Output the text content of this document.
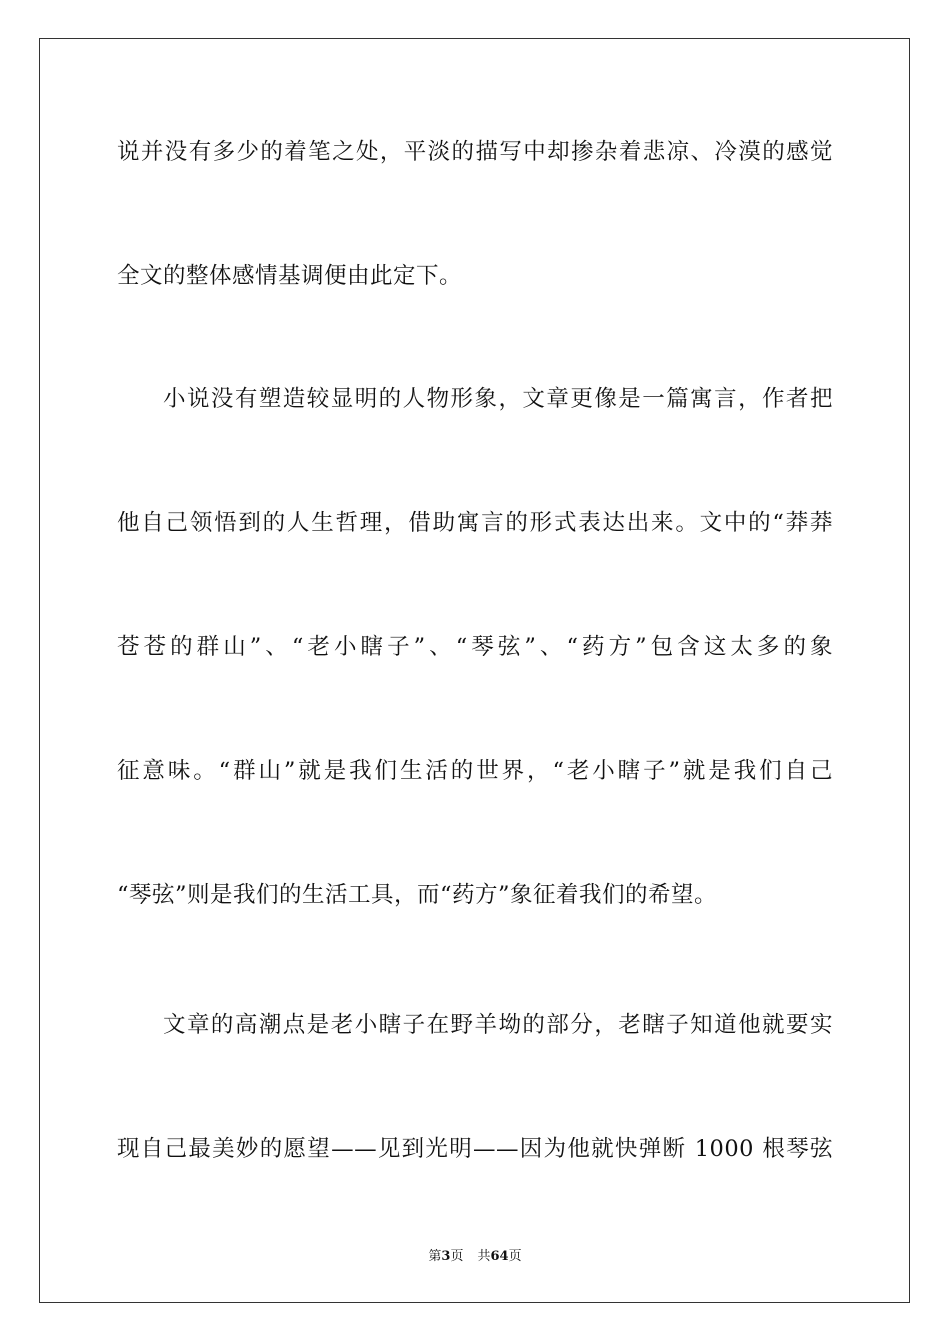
说并没有多少的着笔之处，平淡的描写中却掺杂着悲凉、冷漠的感觉
全文的整体感情基调便由此定下。
小说没有塑造较显明的人物形象，文章更像是一篇寓言，作者把
他自己领悟到的人生哲理，借助寓言的形式表达出来。文中的“莽莽
苍苍的群山”、“老小瞎子”、“琴弦”、“药方”包含这太多的象
征意味。“群山”就是我们生活的世界，“老小瞎子”就是我们自己
“琴弦”则是我们的生活工具，而“药方”象征着我们的希望。
文章的高潮点是老小瞎子在野羊坳的部分，老瞎子知道他就要实
现自己最美妙的愿望——见到光明——因为他就快弹断 1000 根琴弦
第3页 共64页
